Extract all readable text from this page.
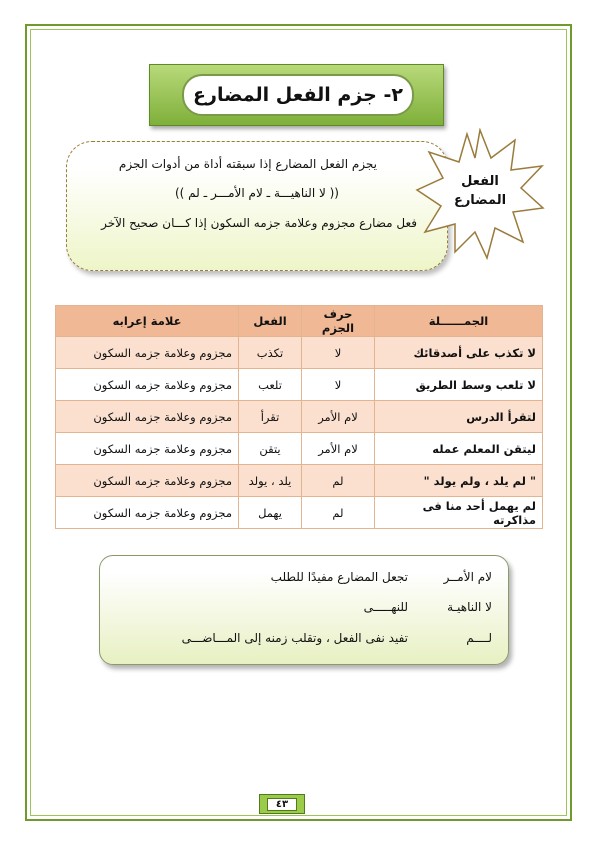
٢- جزم الفعل المضارع
يجزم الفعل المضارع إذا سبقته أداة من أدوات الجزم
(( لا الناهيـــة ـ لام الأمـــر ـ لم ))
فعل مضارع مجزوم وعلامة جزمه السكون إذا كـــان صحيح الآخر
الفعل
المضارع
الجمــــــلة	حرف الجزم	الفعل	علامة إعرابه
لا تكذب على أصدقائك	لا	تكذب	مجزوم وعلامة جزمه السكون
لا تلعب وسط الطريق	لا	تلعب	مجزوم وعلامة جزمه السكون
لتقرأ الدرس	لام الأمر	تقرأ	مجزوم وعلامة جزمه السكون
ليتقن المعلم عمله	لام الأمر	يتقن	مجزوم وعلامة جزمه السكون
" لم يلد ، ولم يولد "	لم	يلد ، يولد	مجزوم وعلامة جزمه السكون
لم يهمل أحد منا فى مذاكرته	لم	يهمل	مجزوم وعلامة جزمه السكون
لام الأمــر
تجعل المضارع مفيدًا للطلب
لا الناهيـة
للنهـــــى
لــــم
تفيد نفى الفعل ، وتقلب زمنه إلى المـــاضـــى
٤٣
